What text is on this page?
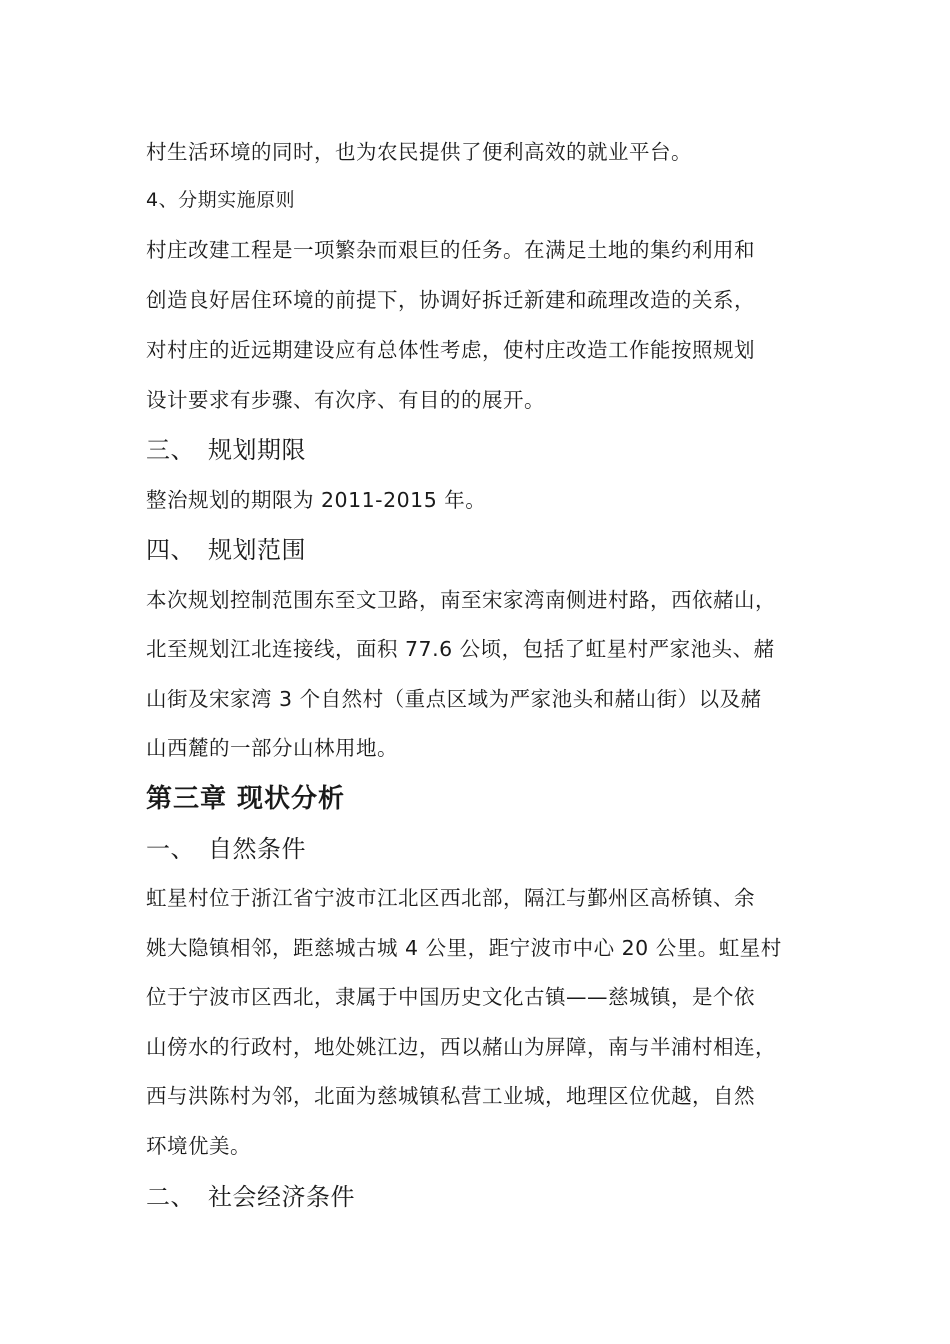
村生活环境的同时，也为农民提供了便利高效的就业平台。
4、分期实施原则
村庄改建工程是一项繁杂而艰巨的任务。在满足土地的集约利用和
创造良好居住环境的前提下，协调好拆迁新建和疏理改造的关系，
对村庄的近远期建设应有总体性考虑，使村庄改造工作能按照规划
设计要求有步骤、有次序、有目的的展开。
三、 规划期限
整治规划的期限为 2011-2015 年。
四、 规划范围
本次规划控制范围东至文卫路，南至宋家湾南侧进村路，西依赭山，
北至规划江北连接线，面积 77.6 公顷，包括了虹星村严家池头、赭
山街及宋家湾 3 个自然村（重点区域为严家池头和赭山街）以及赭
山西麓的一部分山林用地。
第三章 现状分析
一、 自然条件
虹星村位于浙江省宁波市江北区西北部，隔江与鄞州区高桥镇、余
姚大隐镇相邻，距慈城古城 4 公里，距宁波市中心 20 公里。虹星村
位于宁波市区西北，隶属于中国历史文化古镇——慈城镇，是个依
山傍水的行政村，地处姚江边，西以赭山为屏障，南与半浦村相连，
西与洪陈村为邻，北面为慈城镇私营工业城，地理区位优越，自然
环境优美。
二、 社会经济条件
